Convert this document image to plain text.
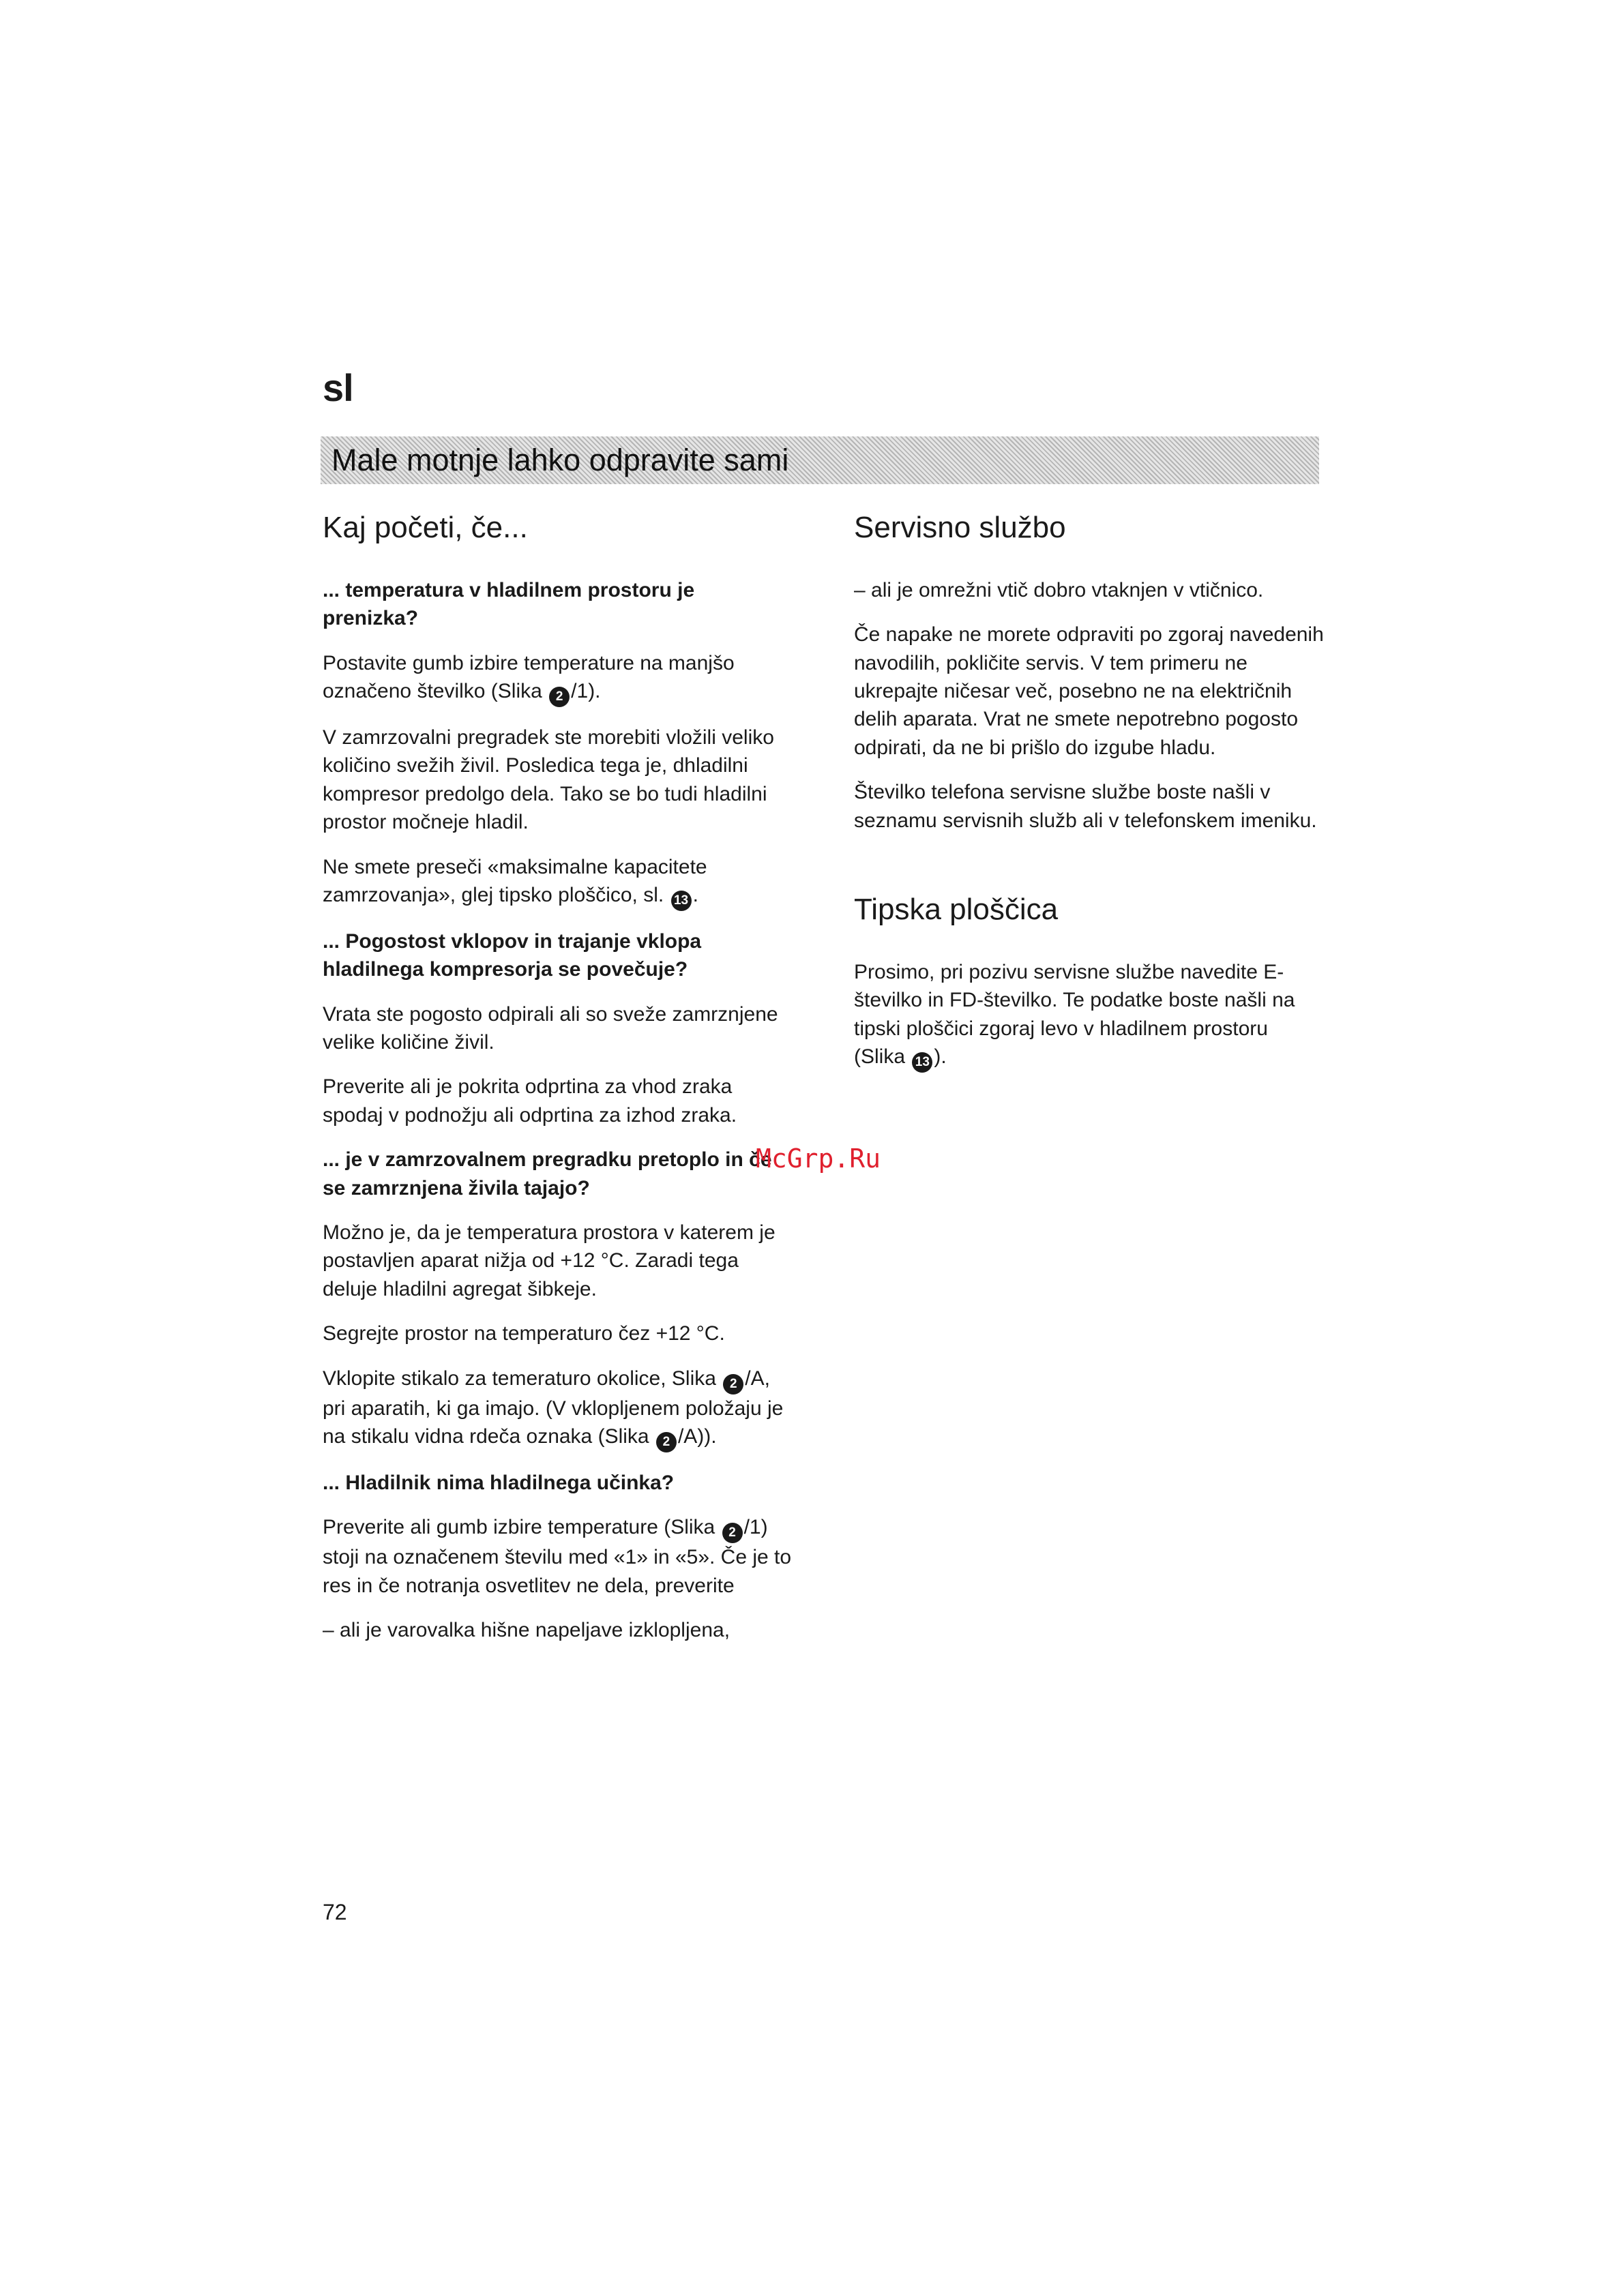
sl
Male motnje lahko odpravite sami
Kaj početi, če...
... temperatura v hladilnem prostoru je prenizka?

Postavite gumb izbire temperature na manjšo označeno številko (Slika 2 /1).

V zamrzovalni pregradek ste morebiti vložili veliko količino svežih živil. Posledica tega je, dhladilni kompresor predolgo dela. Tako se bo tudi hladilni prostor močneje hladil.

Ne smete preseči «maksimalne kapacitete zamrzovanja», glej tipsko ploščico, sl. 13 .

... Pogostost vklopov in trajanje vklopa hladilnega kompresorja se povečuje?

Vrata ste pogosto odpirali ali so sveže zamrznjene velike količine živil.

Preverite ali je pokrita odprtina za vhod zraka spodaj v podnožju ali odprtina za izhod zraka.

... je v zamrzovalnem pregradku pretoplo in če se zamrznjena živila tajajo?

Možno je, da je temperatura prostora v katerem je postavljen aparat nižja od +12 °C. Zaradi tega deluje hladilni agregat šibkeje.

Segrejte prostor na temperaturo čez +12 °C.

Vklopite stikalo za temeraturo okolice, Slika 2 /A, pri aparatih, ki ga imajo. (V vklopljenem položaju je na stikalu vidna rdeča oznaka (Slika 2 /A)).

... Hladilnik nima hladilnega učinka?

Preverite ali gumb izbire temperature (Slika 2 /1) stoji na označenem številu med «1» in «5». Če je to res in če notranja osvetlitev ne dela, preverite

– ali je varovalka hišne napeljave izklopljena,

Servisno službo

– ali je omrežni vtič dobro vtaknjen v vtičnico.

Če napake ne morete odpraviti po zgoraj navedenih navodilih, pokličite servis. V tem primeru ne ukrepajte ničesar več, posebno ne na električnih delih aparata. Vrat ne smete nepotrebno pogosto odpirati, da ne bi prišlo do izgube hladu.

Številko telefona servisne službe boste našli v seznamu servisnih služb ali v telefonskem imeniku.

Tipska ploščica

Prosimo, pri pozivu servisne službe navedite E-številko in FD-številko. Te podatke boste našli na tipski ploščici zgoraj levo v hladilnem prostoru (Slika 13 ).

McGrp.Ru
72
